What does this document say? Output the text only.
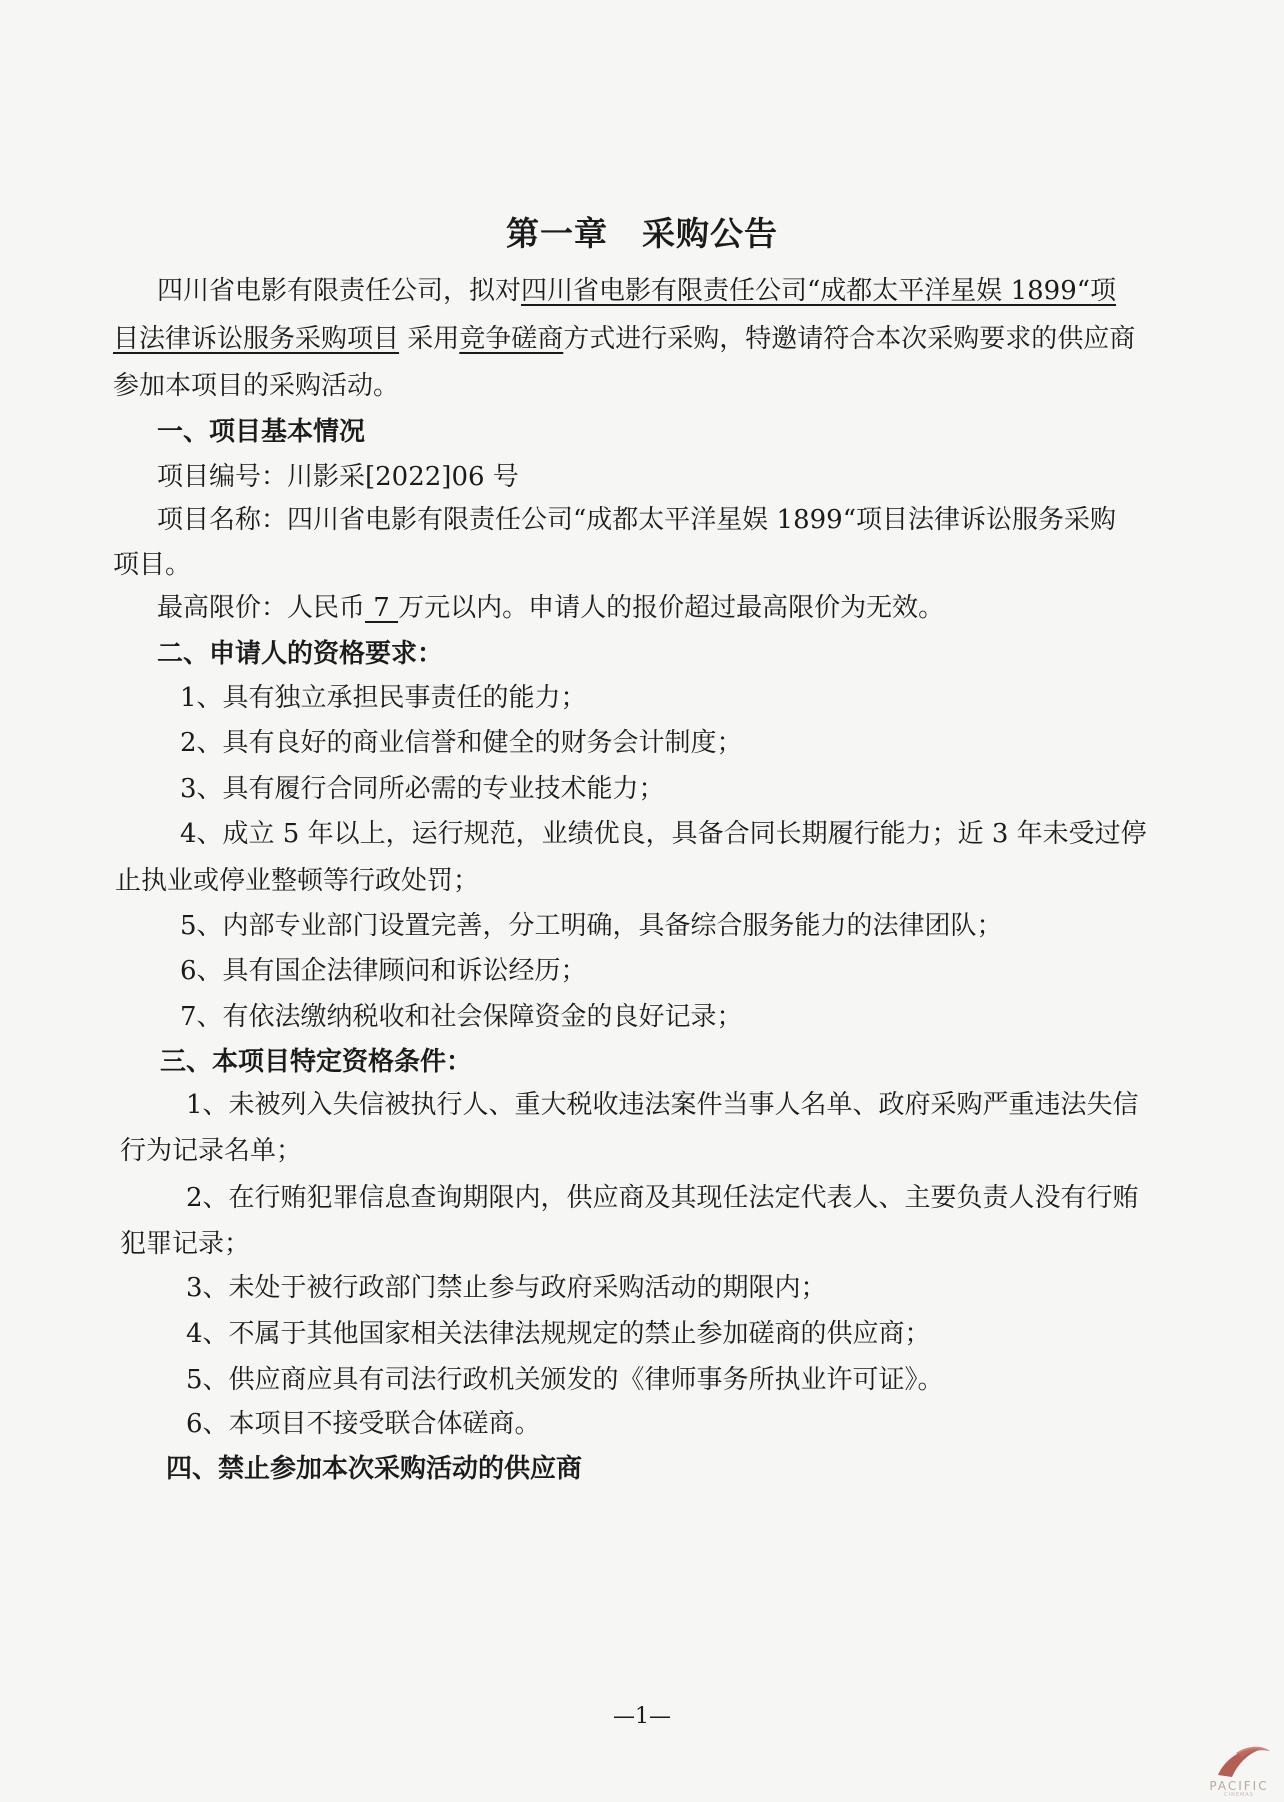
第一章　采购公告
四川省电影有限责任公司，拟对四川省电影有限责任公司“成都太平洋星娱 1899“项
目法律诉讼服务采购项目 采用竞争磋商方式进行采购，特邀请符合本次采购要求的供应商
参加本项目的采购活动。
一、项目基本情况
项目编号：川影采[2022]06 号
项目名称：四川省电影有限责任公司“成都太平洋星娱 1899“项目法律诉讼服务采购
项目。
最高限价：人民币 7 万元以内。申请人的报价超过最高限价为无效。
二、申请人的资格要求：
1、具有独立承担民事责任的能力；
2、具有良好的商业信誉和健全的财务会计制度；
3、具有履行合同所必需的专业技术能力；
4、成立 5 年以上，运行规范，业绩优良，具备合同长期履行能力；近 3 年未受过停
止执业或停业整顿等行政处罚；
5、内部专业部门设置完善，分工明确，具备综合服务能力的法律团队；
6、具有国企法律顾问和诉讼经历；
7、有依法缴纳税收和社会保障资金的良好记录；
三、本项目特定资格条件：
1、未被列入失信被执行人、重大税收违法案件当事人名单、政府采购严重违法失信
行为记录名单；
2、在行贿犯罪信息查询期限内，供应商及其现任法定代表人、主要负责人没有行贿
犯罪记录；
3、未处于被行政部门禁止参与政府采购活动的期限内；
4、不属于其他国家相关法律法规规定的禁止参加磋商的供应商；
5、供应商应具有司法行政机关颁发的《律师事务所执业许可证》。
6、本项目不接受联合体磋商。
四、禁止参加本次采购活动的供应商
—1—
PACIFIC
CINEMAS
